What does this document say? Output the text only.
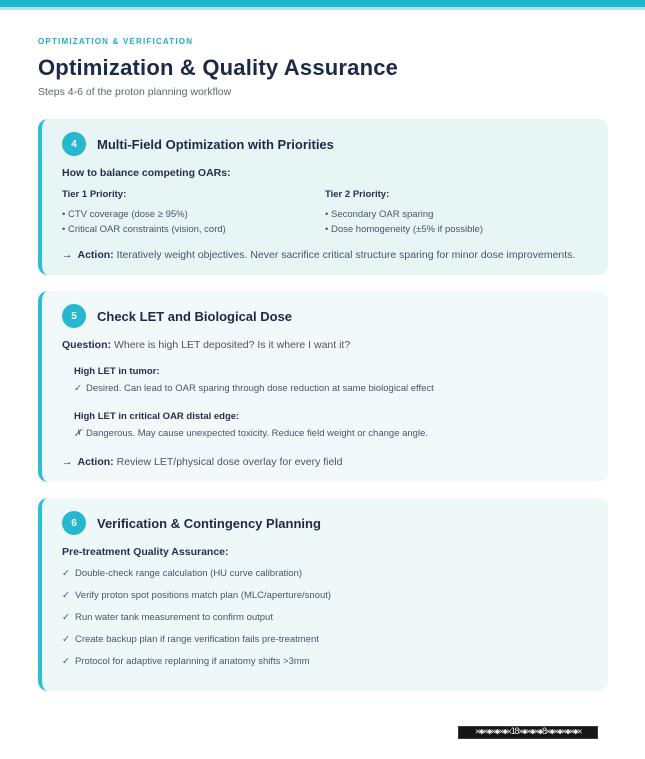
OPTIMIZATION & VERIFICATION
Optimization & Quality Assurance

Steps 4-6 of the proton planning workflow

4	Multi-Field Optimization with Priorities

How to balance competing OARs:

Tier 1 Priority:

• CTV coverage (dose ≥ 95%)
• Critical OAR constraints (vision, cord)

Tier 2 Priority:

• Secondary OAR sparing
• Dose homogeneity (±5% if possible)

→ Action: Iteratively weight objectives. Never sacrifice critical structure sparing for minor dose improvements.

5	Check LET and Biological Dose

Question: Where is high LET deposited? Is it where I want it?

High LET in tumor:

✓ Desired. Can lead to OAR sparing through dose reduction at same biological effect

High LET in critical OAR distal edge:

✗ Dangerous. May cause unexpected toxicity. Reduce field weight or change angle.

→ Action: Review LET/physical dose overlay for every field

6	Verification & Contingency Planning

Pre-treatment Quality Assurance:

✓ Double-check range calculation (HU curve calibration)
✓ Verify proton spot positions match plan (MLC/aperture/snout)
✓ Run water tank measurement to confirm output
✓ Create backup plan if range verification fails pre-treatment
✓ Protocol for adaptive replanning if anatomy shifts >3mm
✕◆✕◆✕◆✕◆✕18✕◆✕◆✕◆8✕◆✕◆✕◆✕◆✕
